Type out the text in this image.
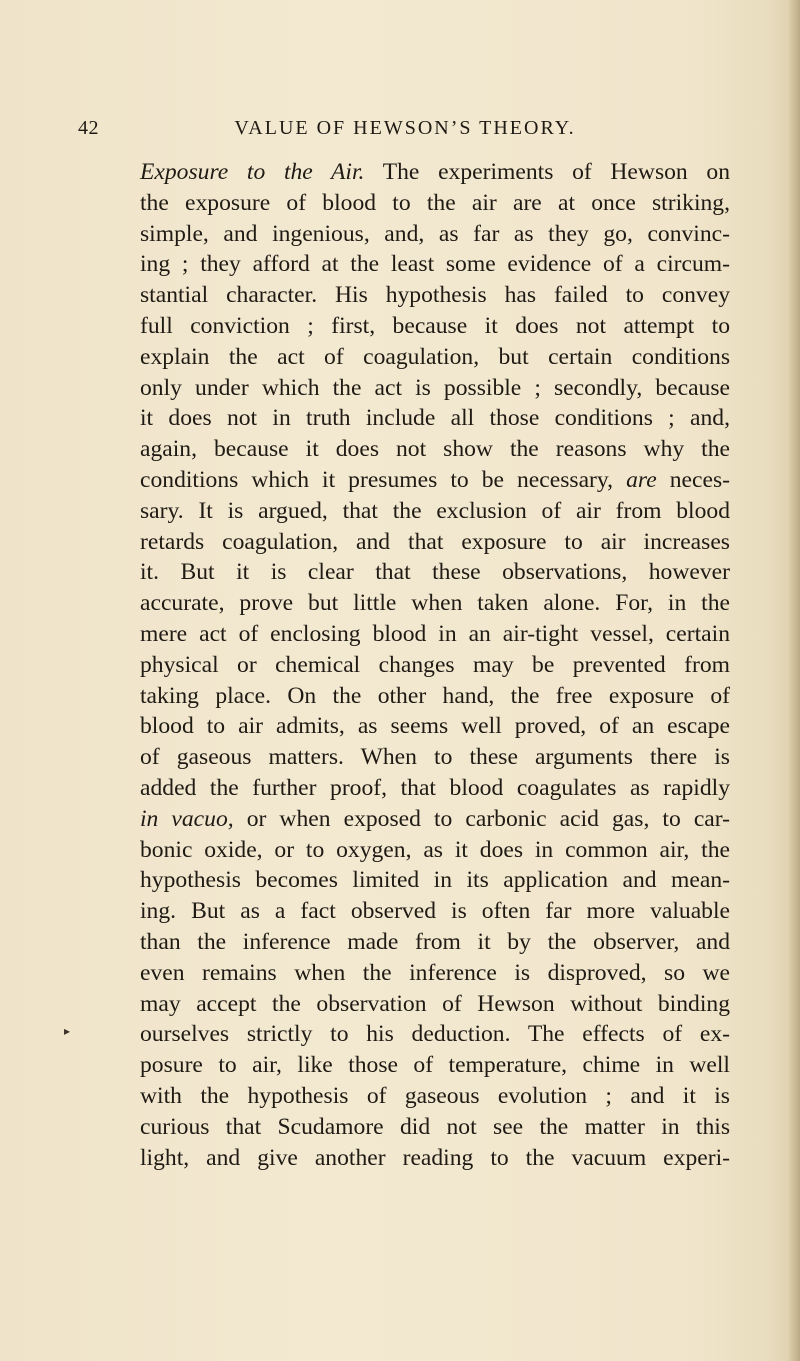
42	VALUE OF HEWSON’S THEORY.
▸
Exposure to the Air. The experiments of Hewson on
the exposure of blood to the air are at once striking,
simple, and ingenious, and, as far as they go, convinc-
ing ; they afford at the least some evidence of a circum-
stantial character. His hypothesis has failed to convey
full conviction ; first, because it does not attempt to
explain the act of coagulation, but certain conditions
only under which the act is possible ; secondly, because
it does not in truth include all those conditions ; and,
again, because it does not show the reasons why the
conditions which it presumes to be necessary, are neces-
sary. It is argued, that the exclusion of air from blood
retards coagulation, and that exposure to air increases
it. But it is clear that these observations, however
accurate, prove but little when taken alone. For, in the
mere act of enclosing blood in an air-tight vessel, certain
physical or chemical changes may be prevented from
taking place. On the other hand, the free exposure of
blood to air admits, as seems well proved, of an escape
of gaseous matters. When to these arguments there is
added the further proof, that blood coagulates as rapidly
in vacuo, or when exposed to carbonic acid gas, to car-
bonic oxide, or to oxygen, as it does in common air, the
hypothesis becomes limited in its application and mean-
ing. But as a fact observed is often far more valuable
than the inference made from it by the observer, and
even remains when the inference is disproved, so we
may accept the observation of Hewson without binding
ourselves strictly to his deduction. The effects of ex-
posure to air, like those of temperature, chime in well
with the hypothesis of gaseous evolution ; and it is
curious that Scudamore did not see the matter in this
light, and give another reading to the vacuum experi-
